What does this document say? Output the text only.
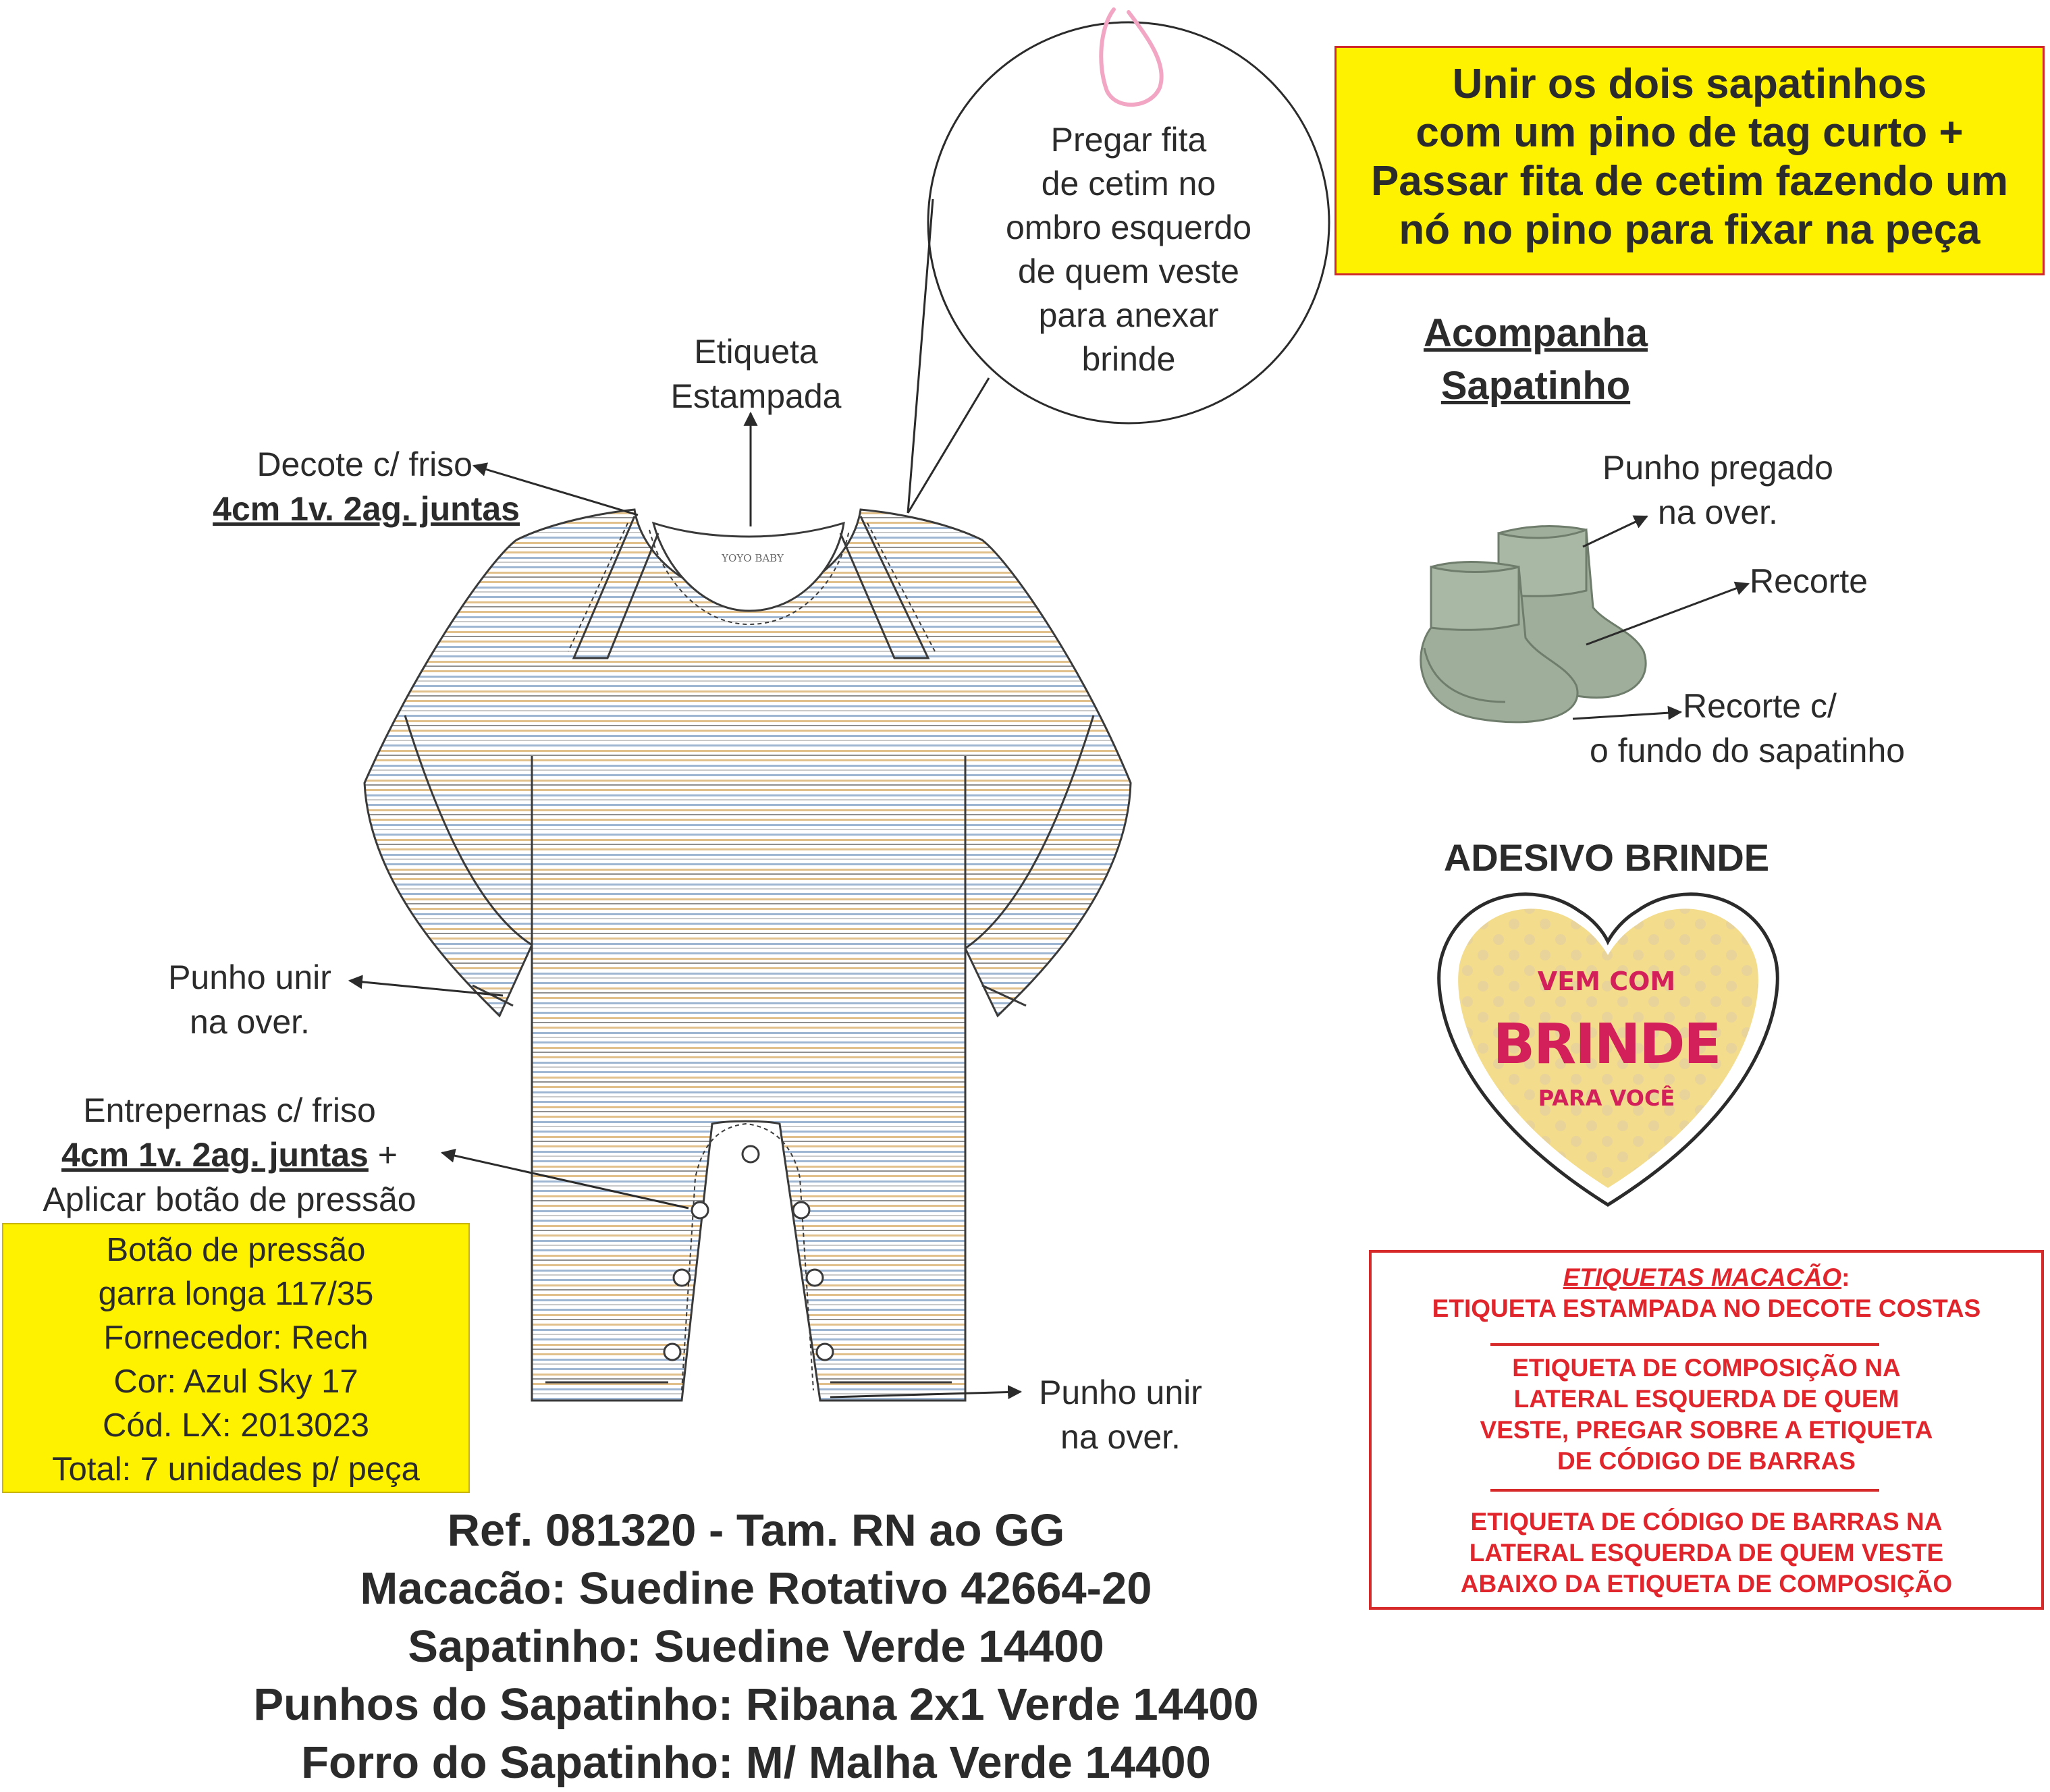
Pregar fita
de cetim no
ombro esquerdo
de quem veste
para anexar
brinde
Etiqueta
Estampada
Decote c/ friso
4cm 1v. 2ag. juntas
YOYO BABY
Punho unir
na over.
Entrepernas c/ friso
4cm 1v. 2ag. juntas +
Aplicar botão de pressão
Punho unir
na over.
Unir os dois sapatinhos
com um pino de tag curto +
Passar fita de cetim fazendo um
nó no pino para fixar na peça
Acompanha
Sapatinho
Punho pregado
na over.
Recorte
Recorte c/
o fundo do sapatinho
ADESIVO BRINDE
VEM COM
BRINDE
PARA VOCÊ
Botão de pressão
garra longa 117/35
Fornecedor: Rech
Cor: Azul Sky 17
Cód. LX: 2013023
Total: 7 unidades p/ peça
ETIQUETAS MACACÃO:
ETIQUETA ESTAMPADA NO DECOTE COSTAS
ETIQUETA DE COMPOSIÇÃO NA
LATERAL ESQUERDA DE QUEM
VESTE, PREGAR SOBRE A ETIQUETA
DE CÓDIGO DE BARRAS
ETIQUETA DE CÓDIGO DE BARRAS NA
LATERAL ESQUERDA DE QUEM VESTE
ABAIXO DA ETIQUETA DE COMPOSIÇÃO
Ref. 081320 - Tam. RN ao GG
Macacão: Suedine Rotativo 42664-20
Sapatinho: Suedine Verde 14400
Punhos do Sapatinho: Ribana 2x1 Verde 14400
Forro do Sapatinho: M/ Malha Verde 14400
